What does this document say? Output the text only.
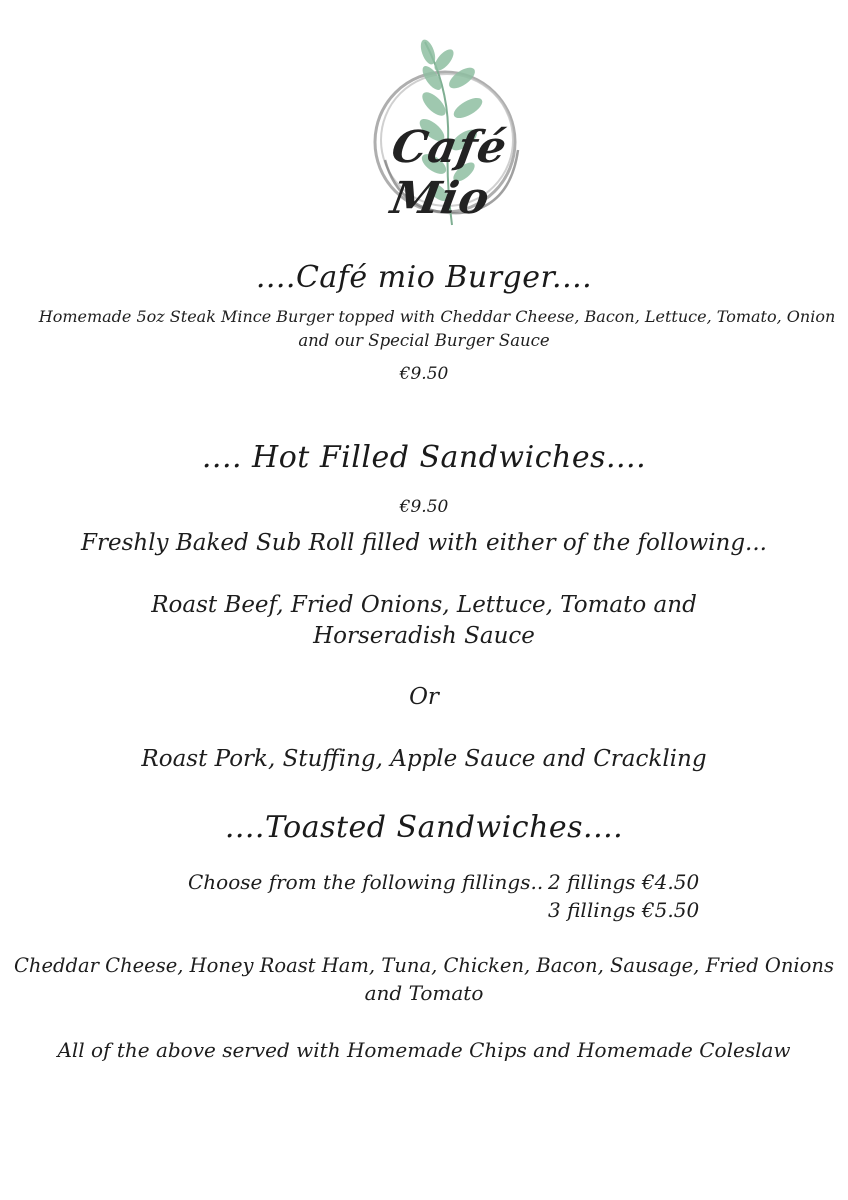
Café Mio
....Café mio Burger....
Homemade 5oz Steak Mince Burger topped with Cheddar Cheese, Bacon, Lettuce, Tomato, Onion
and our Special Burger Sauce
€9.50
.... Hot Filled Sandwiches....
€9.50
Freshly Baked Sub Roll filled with either of the following...
Roast Beef, Fried Onions, Lettuce, Tomato and
Horseradish Sauce
Or
Roast Pork, Stuffing, Apple Sauce and Crackling
....Toasted Sandwiches....
Choose from the following fillings.. 2 fillings €4.50
3 fillings €5.50
Cheddar Cheese, Honey Roast Ham, Tuna, Chicken, Bacon, Sausage, Fried Onions
and Tomato
All of the above served with Homemade Chips and Homemade Coleslaw
